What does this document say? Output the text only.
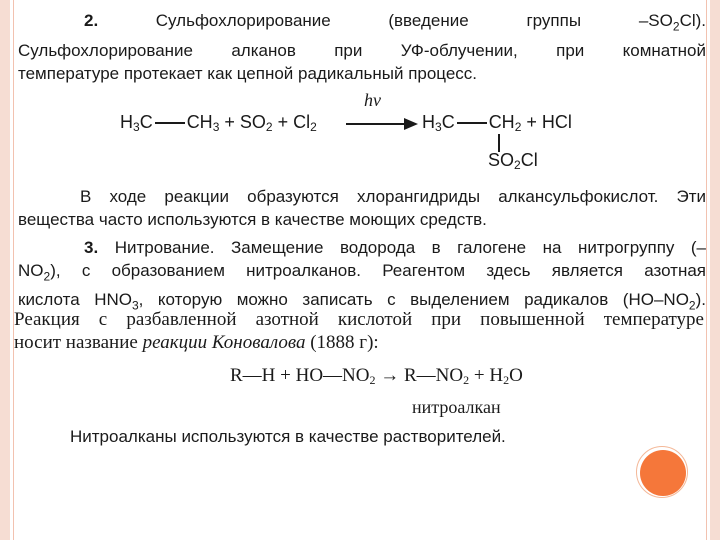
2.	Сульфохлорирование	(введение группы $-SO_2Cl$).
Сульфохлорирование алканов при УФ-облучении, при комнатной
температуре протекает как цепной радикальный процесс.
$H_3C$ $CH_3 + SO_2 + Cl_2$
hv
$H_3C$ $CH_2$ + HCl
$SO_2Cl$
В ходе реакции образуются хлорангидриды алкансульфокислот. Эти
вещества часто используются в качестве моющих средств.
3. Нитрование. Замещение водорода в галогене на нитрогруппу (–
$NO_2$), с образованием нитроалканов. Реагентом здесь является азотная
кислота $HNO_3$, которую можно записать с выделением радикалов $(HO-NO_2)$.
Реакция с разбавленной азотной кислотой при повышенной температуре
носит название реакции Коновалова (1888 г):
R—H + $HO—NO_2$ → $R—NO_2 + H_2O$
нитроалкан
Нитроалканы используются в качестве растворителей.
